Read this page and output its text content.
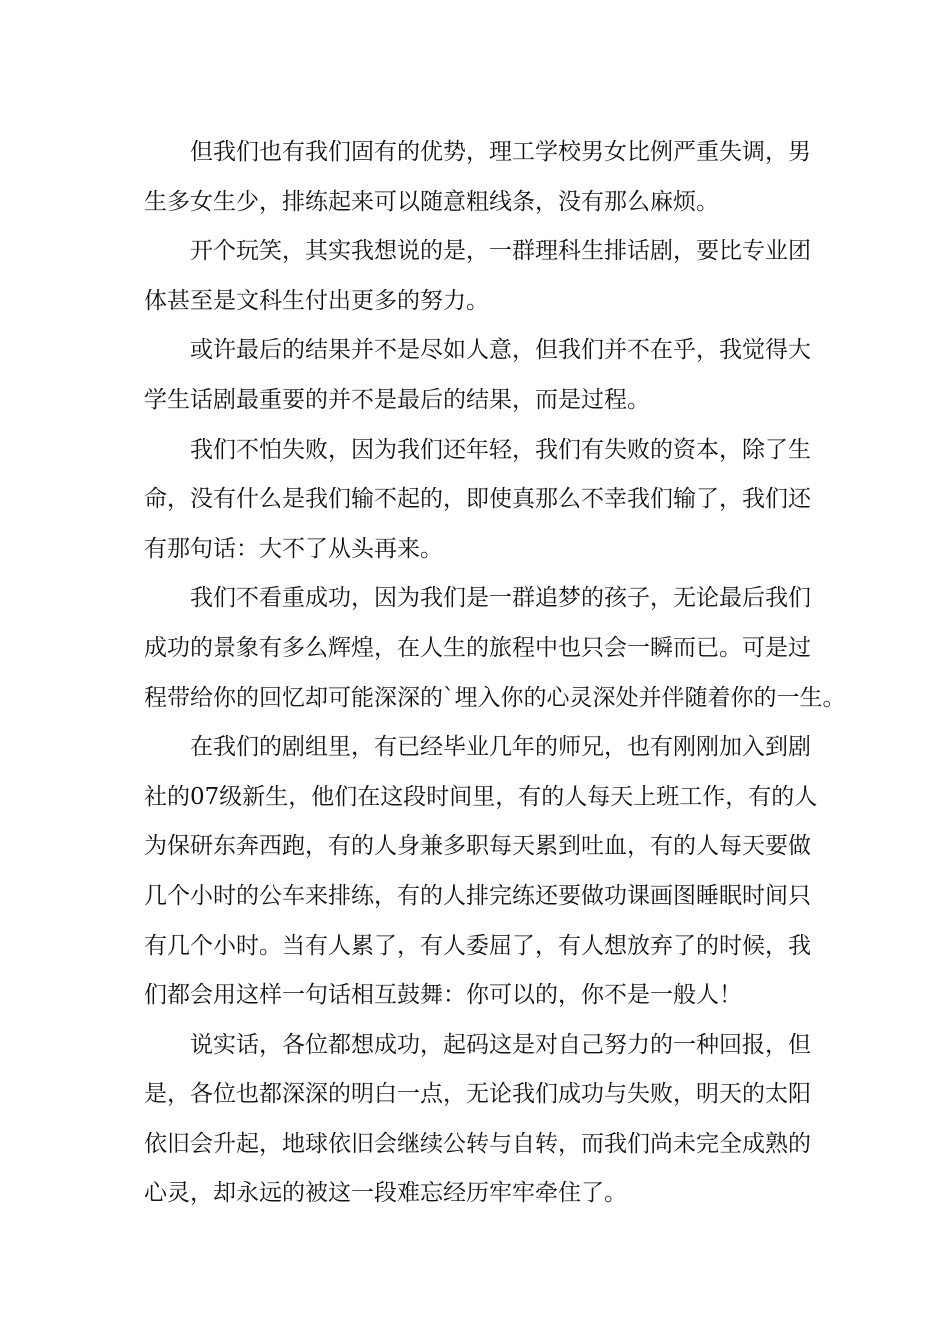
但我们也有我们固有的优势，理工学校男女比例严重失调，男
生多女生少，排练起来可以随意粗线条，没有那么麻烦。
开个玩笑，其实我想说的是，一群理科生排话剧，要比专业团
体甚至是文科生付出更多的努力。
或许最后的结果并不是尽如人意，但我们并不在乎，我觉得大
学生话剧最重要的并不是最后的结果，而是过程。
我们不怕失败，因为我们还年轻，我们有失败的资本，除了生
命，没有什么是我们输不起的，即使真那么不幸我们输了，我们还
有那句话：大不了从头再来。
我们不看重成功，因为我们是一群追梦的孩子，无论最后我们
成功的景象有多么辉煌，在人生的旅程中也只会一瞬而已。可是过
程带给你的回忆却可能深深的`埋入你的心灵深处并伴随着你的一生。
在我们的剧组里，有已经毕业几年的师兄，也有刚刚加入到剧
社的07级新生，他们在这段时间里，有的人每天上班工作，有的人
为保研东奔西跑，有的人身兼多职每天累到吐血，有的人每天要做
几个小时的公车来排练，有的人排完练还要做功课画图睡眠时间只
有几个小时。当有人累了，有人委屈了，有人想放弃了的时候，我
们都会用这样一句话相互鼓舞：你可以的，你不是一般人！
说实话，各位都想成功，起码这是对自己努力的一种回报，但
是，各位也都深深的明白一点，无论我们成功与失败，明天的太阳
依旧会升起，地球依旧会继续公转与自转，而我们尚未完全成熟的
心灵，却永远的被这一段难忘经历牢牢牵住了。
